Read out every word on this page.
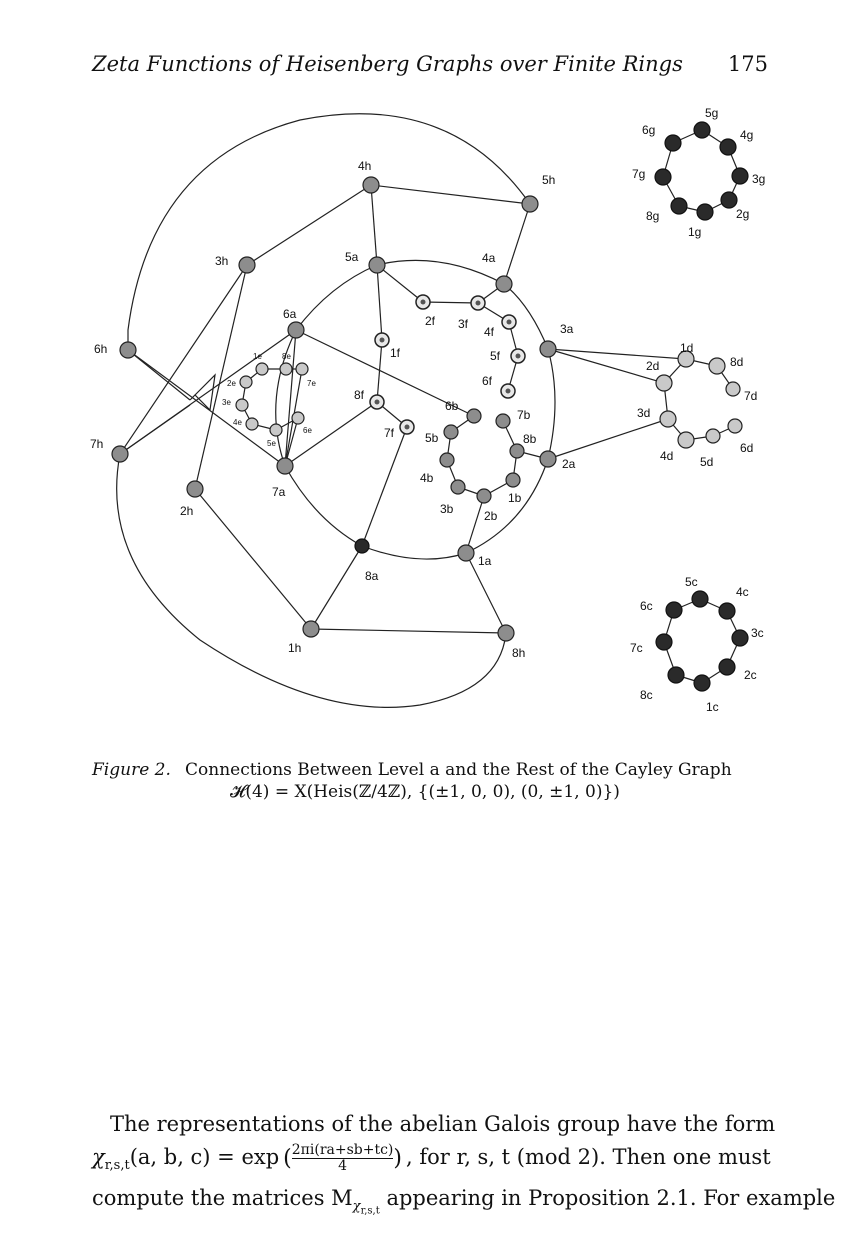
Zeta Functions of Heisenberg Graphs over Finite Rings 175
1a
2a
3a
4a
5a
6a
7a
8a
1b
2b
3b
4b
5b
6b
7b
8b
1h
2h
3h
4h
5h
6h
7h
8h
1f
2f 3f
4f
5f
6f
7f
8f
1e
2e
3e
4e
5e
6e
7e
8e
1g
2g
3g
4g
5g
6g
7g
8g
1d
2d
3d
4d 5d
6d
7d
8d
1c
2c
3c
4c
5c
6c
7c
8c
Figure 2. Connections Between Level a and the Rest of the Cayley Graph
𝓗(4) = X(Heis(ℤ/4ℤ), {(±1, 0, 0), (0, ±1, 0)})
The representations of the abelian Galois group have the form
$\chi_{r,s,t}(a$, b, c) = exp ( $\frac{2\pi i(ra+sb+tc)}{4}$ ) , for r, s, t (mod 2). Then one must
compute the matrices $M_{\chi_{r,s,t}}$ appearing in Proposition 2.1. For example
